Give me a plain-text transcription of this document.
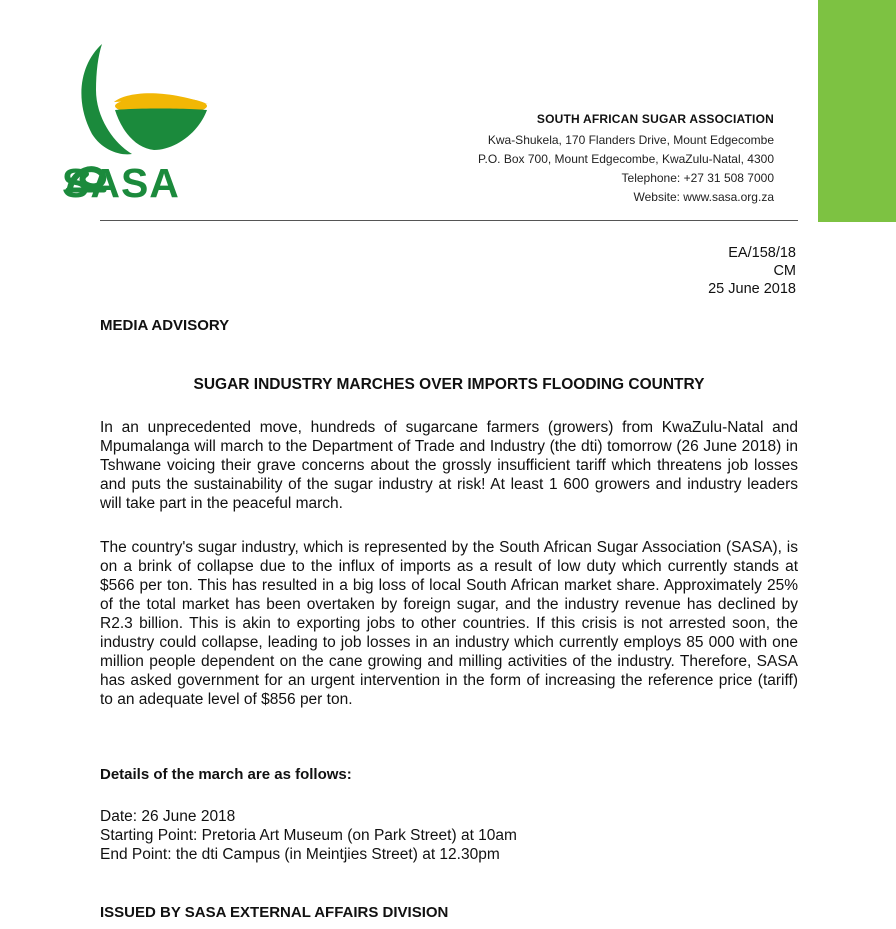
SASA
SOUTH AFRICAN SUGAR ASSOCIATION
Kwa-Shukela, 170 Flanders Drive, Mount Edgecombe
P.O. Box 700, Mount Edgecombe, KwaZulu-Natal, 4300
Telephone: +27 31 508 7000
Website: www.sasa.org.za
EA/158/18
CM
25 June 2018
MEDIA ADVISORY
SUGAR INDUSTRY MARCHES OVER IMPORTS FLOODING COUNTRY

In an unprecedented move, hundreds of sugarcane farmers (growers) from KwaZulu-Natal and Mpumalanga will march to the Department of Trade and Industry (the dti) tomorrow (26 June 2018) in Tshwane voicing their grave concerns about the grossly insufficient tariff which threatens job losses and puts the sustainability of the sugar industry at risk! At least 1 600 growers and industry leaders will take part in the peaceful march.

The country's sugar industry, which is represented by the South African Sugar Association (SASA), is on a brink of collapse due to the influx of imports as a result of low duty which currently stands at $566 per ton. This has resulted in a big loss of local South African market share. Approximately 25% of the total market has been overtaken by foreign sugar, and the industry revenue has declined by R2.3 billion. This is akin to exporting jobs to other countries. If this crisis is not arrested soon, the industry could collapse, leading to job losses in an industry which currently employs 85 000 with one million people dependent on the cane growing and milling activities of the industry. Therefore, SASA has asked government for an urgent intervention in the form of increasing the reference price (tariff) to an adequate level of $856 per ton.

Details of the march are as follows:
Date: 26 June 2018
Starting Point: Pretoria Art Museum (on Park Street) at 10am
End Point: the dti Campus (in Meintjies Street) at 12.30pm
ISSUED BY SASA EXTERNAL AFFAIRS DIVISION
